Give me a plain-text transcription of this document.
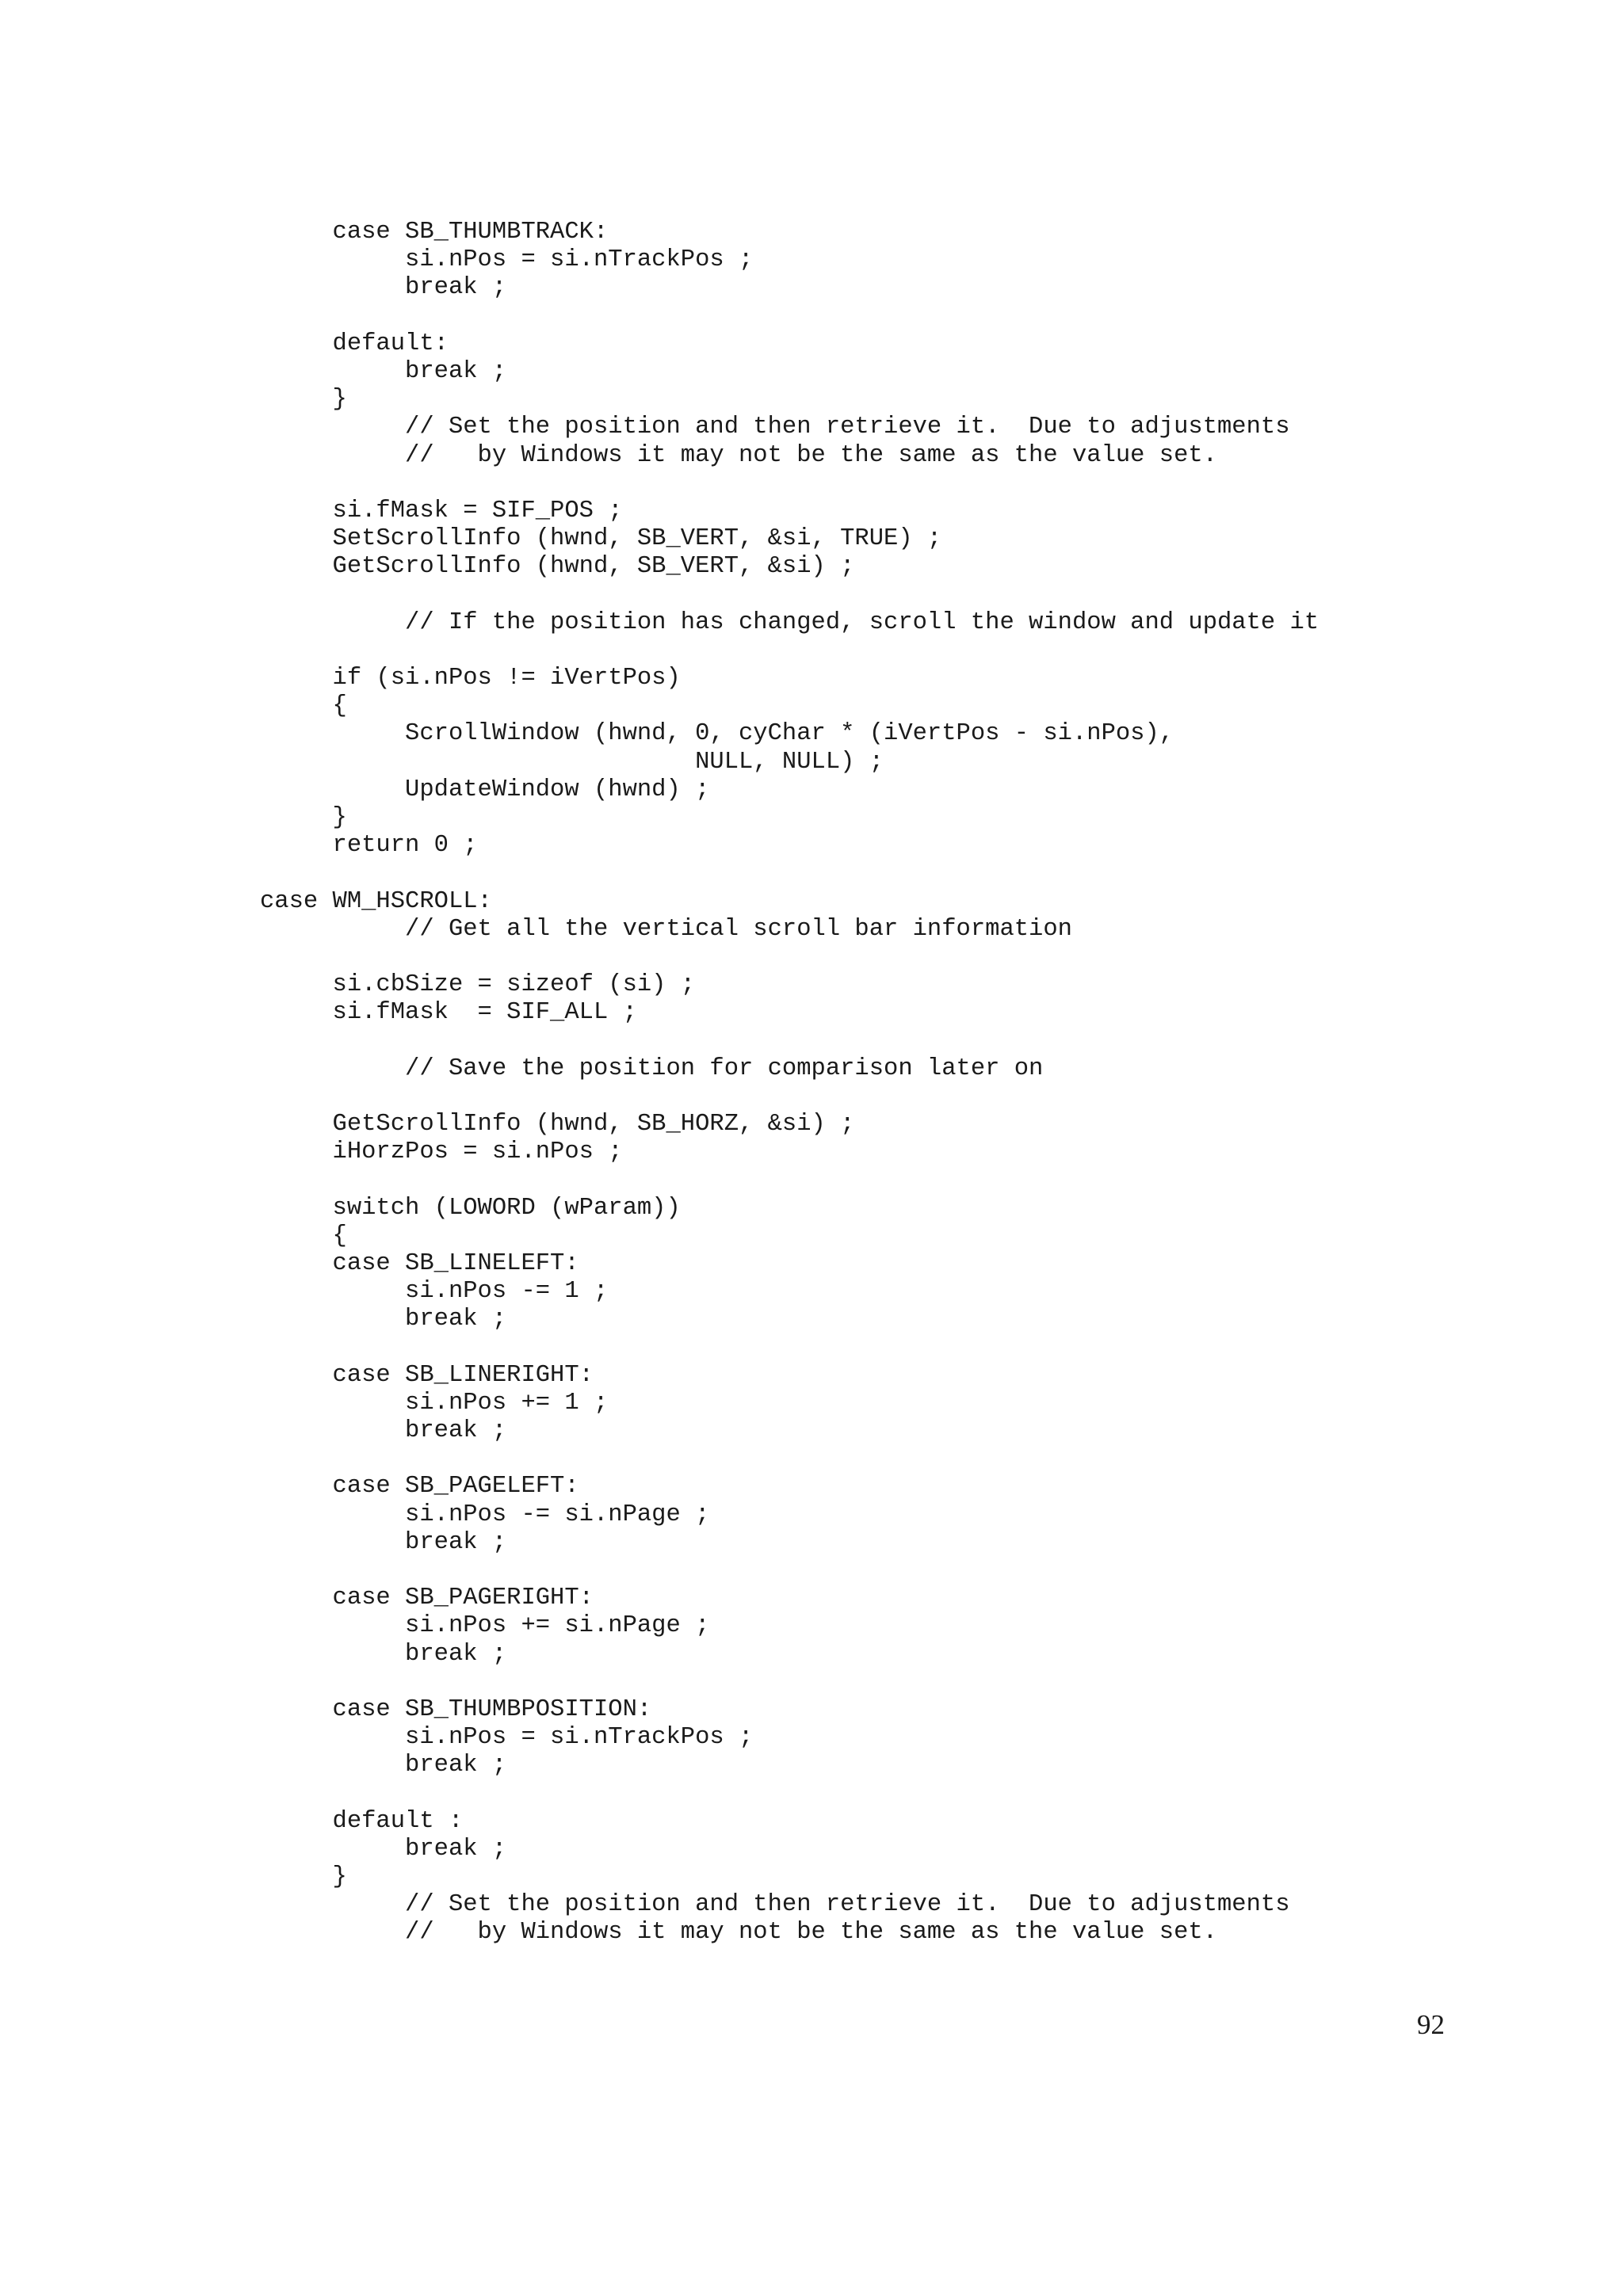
case SB_THUMBTRACK:
si.nPos = si.nTrackPos ;
break ;
default:
break ;
}
// Set the position and then retrieve it.  Due to adjustments
//   by Windows it may not be the same as the value set.
si.fMask = SIF_POS ;
SetScrollInfo (hwnd, SB_VERT, &si, TRUE) ;
GetScrollInfo (hwnd, SB_VERT, &si) ;
// If the position has changed, scroll the window and update it
if (si.nPos != iVertPos)
{
ScrollWindow (hwnd, 0, cyChar * (iVertPos - si.nPos),
NULL, NULL) ;
UpdateWindow (hwnd) ;
}
return 0 ;
case WM_HSCROLL:
// Get all the vertical scroll bar information
si.cbSize = sizeof (si) ;
si.fMask  = SIF_ALL ;
// Save the position for comparison later on
GetScrollInfo (hwnd, SB_HORZ, &si) ;
iHorzPos = si.nPos ;
switch (LOWORD (wParam))
{
case SB_LINELEFT:
si.nPos -= 1 ;
break ;
case SB_LINERIGHT:
si.nPos += 1 ;
break ;
case SB_PAGELEFT:
si.nPos -= si.nPage ;
break ;
case SB_PAGERIGHT:
si.nPos += si.nPage ;
break ;
case SB_THUMBPOSITION:
si.nPos = si.nTrackPos ;
break ;
default :
break ;
}
// Set the position and then retrieve it.  Due to adjustments
//   by Windows it may not be the same as the value set.
92
